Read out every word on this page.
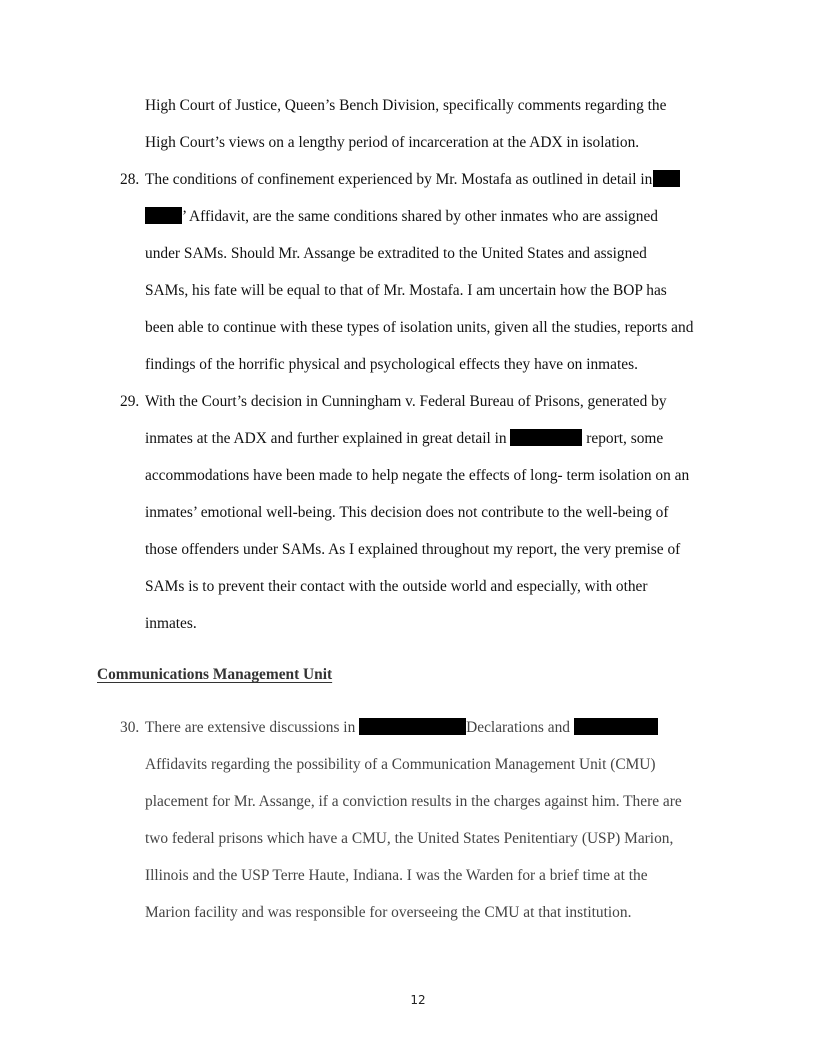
High Court of Justice, Queen’s Bench Division, specifically comments regarding the
High Court’s views on a lengthy period of incarceration at the ADX in isolation.
28. The conditions of confinement experienced by Mr. Mostafa as outlined in detail in
’ Affidavit, are the same conditions shared by other inmates who are assigned
under SAMs. Should Mr. Assange be extradited to the United States and assigned
SAMs, his fate will be equal to that of Mr. Mostafa. I am uncertain how the BOP has
been able to continue with these types of isolation units, given all the studies, reports and
findings of the horrific physical and psychological effects they have on inmates.
29. With the Court’s decision in Cunningham v. Federal Bureau of Prisons, generated by
inmates at the ADX and further explained in great detail in	report, some
accommodations have been made to help negate the effects of long- term isolation on an
inmates’ emotional well-being. This decision does not contribute to the well-being of
those offenders under SAMs. As I explained throughout my report, the very premise of
SAMs is to prevent their contact with the outside world and especially, with other
inmates.
Communications Management Unit
30. There are extensive discussions in	Declarations and
Affidavits regarding the possibility of a Communication Management Unit (CMU)
placement for Mr. Assange, if a conviction results in the charges against him. There are
two federal prisons which have a CMU, the United States Penitentiary (USP) Marion,
Illinois and the USP Terre Haute, Indiana. I was the Warden for a brief time at the
Marion facility and was responsible for overseeing the CMU at that institution.
12
